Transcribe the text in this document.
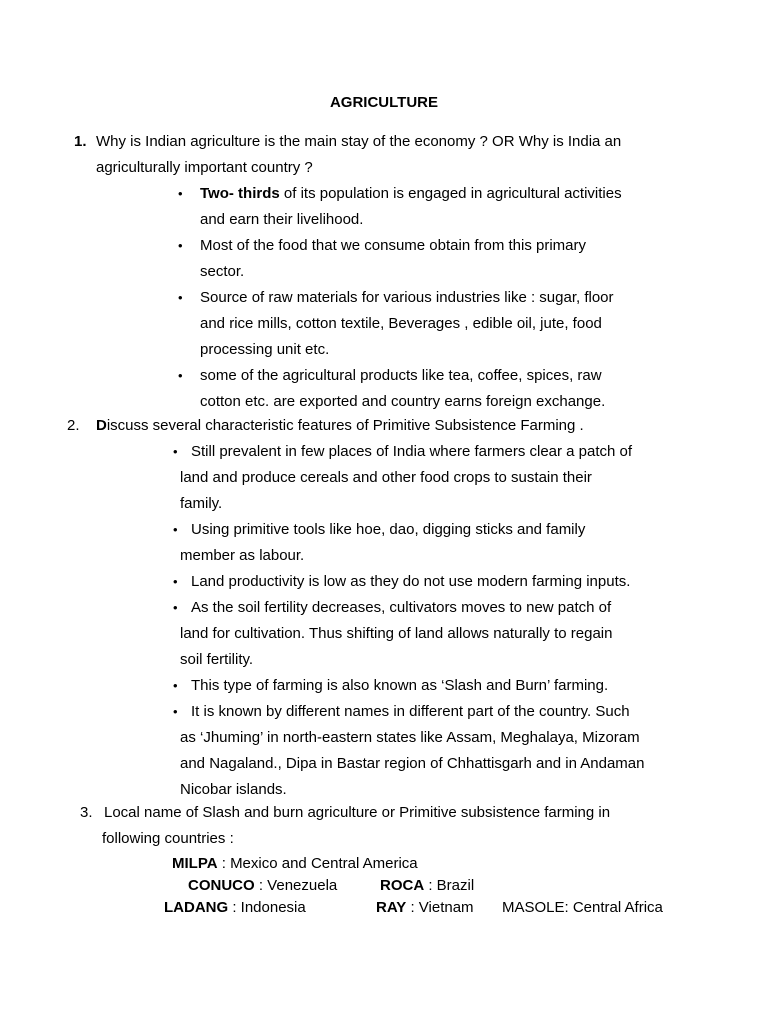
AGRICULTURE
1. Why is Indian agriculture is the main stay of the economy ? OR Why is India an
agriculturally important country ?
• Two- thirds of its population is engaged in agricultural activities
and earn their livelihood.
• Most of the food that we consume obtain from this primary
sector.
• Source of raw materials for various industries like : sugar, floor
and rice mills, cotton textile, Beverages , edible oil, jute, food
processing unit etc.
• some of the agricultural products like tea, coffee, spices, raw
cotton etc. are exported and country earns foreign exchange.
2. Discuss several characteristic features of Primitive Subsistence Farming .
• Still prevalent in few places of India where farmers clear a patch of
land and produce cereals and other food crops to sustain their
family.
• Using primitive tools like hoe, dao, digging sticks and family
member as labour.
• Land productivity is low as they do not use modern farming inputs.
• As the soil fertility decreases, cultivators moves to new patch of
land for cultivation. Thus shifting of land allows naturally to regain
soil fertility.
• This type of farming is also known as ‘Slash and Burn’ farming.
• It is known by different names in different part of the country. Such
as ‘Jhuming’ in north-eastern states like Assam, Meghalaya, Mizoram
and Nagaland., Dipa in Bastar region of Chhattisgarh and in Andaman
Nicobar islands.
3. Local name of Slash and burn agriculture or Primitive subsistence farming in
following countries :
MILPA : Mexico and Central America
CONUCO : Venezuela	ROCA : Brazil
LADANG : Indonesia	RAY : Vietnam MASOLE: Central Africa
